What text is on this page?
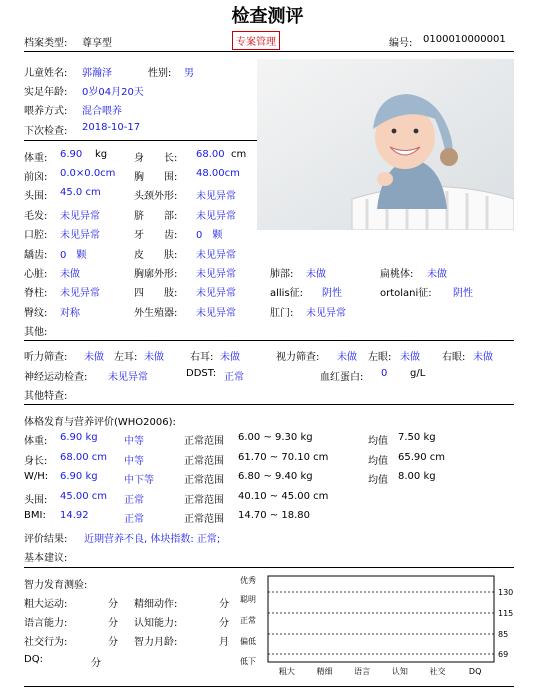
检查测评
档案类型: 尊享型	专案管理	编号: 0100010000001
儿童姓名: 郭瀚泽	性别: 男
实足年龄: 0岁04月20天
喂养方式: 混合喂养
下次检查: 2018-10-17
体重: 6.90 kg	身　　长: 68.00 cm
前囟: 0.0×0.0cm 胸　　围: 48.00cm
头围: 45.0 cm	头颈外形: 未见异常
毛发: 未见异常	脐　　部: 未见异常
口腔: 未见异常	牙　　齿: 0　颗
龋齿: 0　颗	皮　　肤: 未见异常
心脏: 未做	胸廓外形: 未见异常	肺部: 未做	扁桃体: 未做
脊柱: 未见异常	四　　肢: 未见异常	allis征: 阴性	ortolani征: 阴性
臀纹: 对称	外生殖器: 未见异常	肛门: 未见异常
其他:
听力筛查: 未做 左耳: 未做	右耳: 未做	视力筛查: 未做 左眼: 未做 右眼: 未做
神经运动检查: 未见异常	DDST: 正常	血红蛋白: 0 g/L
其他特查:
体格发育与营养评价(WHO2006):
体重: 6.90 kg	中等	正常范围 6.00 ~ 9.30 kg	均值 7.50 kg
身长: 68.00 cm 中等	正常范围 61.70 ~ 70.10 cm	均值 65.90 cm
W/H: 6.90 kg	中下等	正常范围 6.80 ~ 9.40 kg	均值 8.00 kg
头围: 45.00 cm 正常	正常范围 40.10 ~ 45.00 cm
BMI: 14.92	正常	正常范围 14.70 ~ 18.80
评价结果: 近期营养不良, 体块指数: 正常;
基本建议:
智力发育测验:
粗大运动:	分 精细动作:	分
语言能力:	分 认知能力:	分
社交行为:	分 智力月龄:	月
DQ:	分
优秀
聪明
正常
偏低
低下
130
115
85
69
粗大	精细	语言	认知	社交	DQ
